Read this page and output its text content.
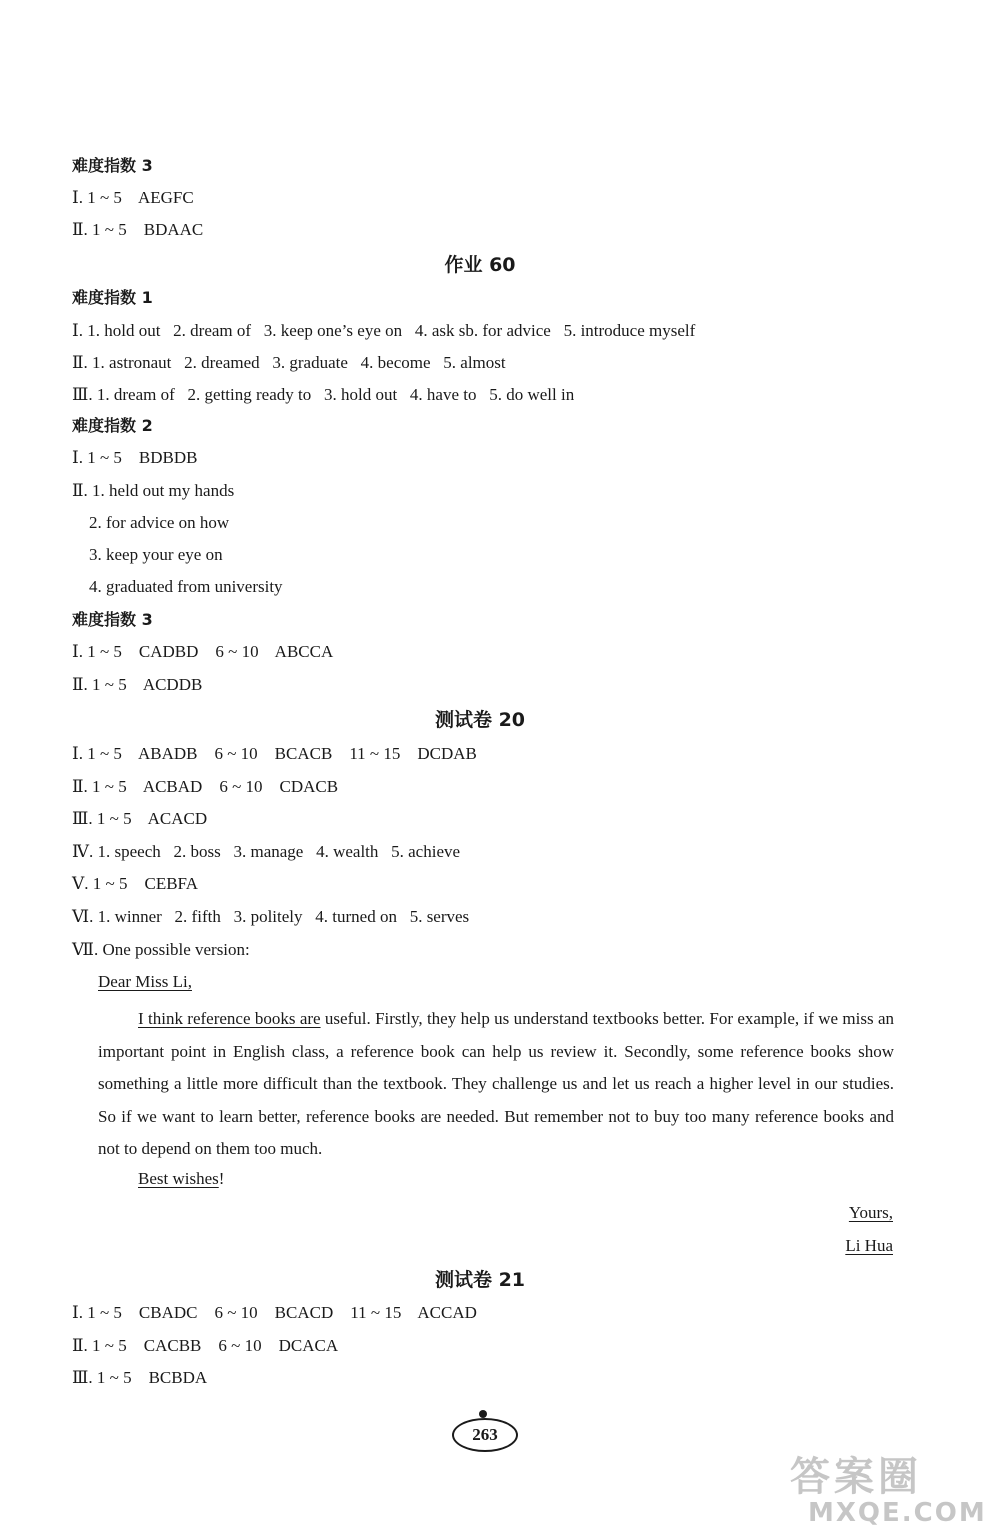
难度指数 3
Ⅰ. 1 ~ 5    AEGFC
Ⅱ. 1 ~ 5    BDAAC
作业 60
难度指数 1
Ⅰ. 1. hold out   2. dream of   3. keep one’s eye on   4. ask sb. for advice   5. introduce myself
Ⅱ. 1. astronaut   2. dreamed   3. graduate   4. become   5. almost
Ⅲ. 1. dream of   2. getting ready to   3. hold out   4. have to   5. do well in
难度指数 2
Ⅰ. 1 ~ 5    BDBDB
Ⅱ. 1. held out my hands
2. for advice on how
3. keep your eye on
4. graduated from university
难度指数 3
Ⅰ. 1 ~ 5    CADBD    6 ~ 10    ABCCA
Ⅱ. 1 ~ 5    ACDDB
测试卷 20
Ⅰ. 1 ~ 5    ABADB    6 ~ 10    BCACB    11 ~ 15    DCDAB
Ⅱ. 1 ~ 5    ACBAD    6 ~ 10    CDACB
Ⅲ. 1 ~ 5    ACACD
Ⅳ. 1. speech   2. boss   3. manage   4. wealth   5. achieve
Ⅴ. 1 ~ 5    CEBFA
Ⅵ. 1. winner   2. fifth   3. politely   4. turned on   5. serves
Ⅶ. One possible version:
Dear Miss Li,

I think reference books are useful. Firstly, they help us understand textbooks better. For example, if we miss an important point in English class, a reference book can help us review it. Secondly, some reference books show something a little more difficult than the textbook. They challenge us and let us reach a higher level in our studies. So if we want to learn better, reference books are needed. But remember not to buy too many reference books and not to depend on them too much.

Best wishes!
Yours,
Li Hua
测试卷 21
Ⅰ. 1 ~ 5    CBADC    6 ~ 10    BCACD    11 ~ 15    ACCAD
Ⅱ. 1 ~ 5    CACBB    6 ~ 10    DCACA
Ⅲ. 1 ~ 5    BCBDA
263
答案圈
MXQE.COM
